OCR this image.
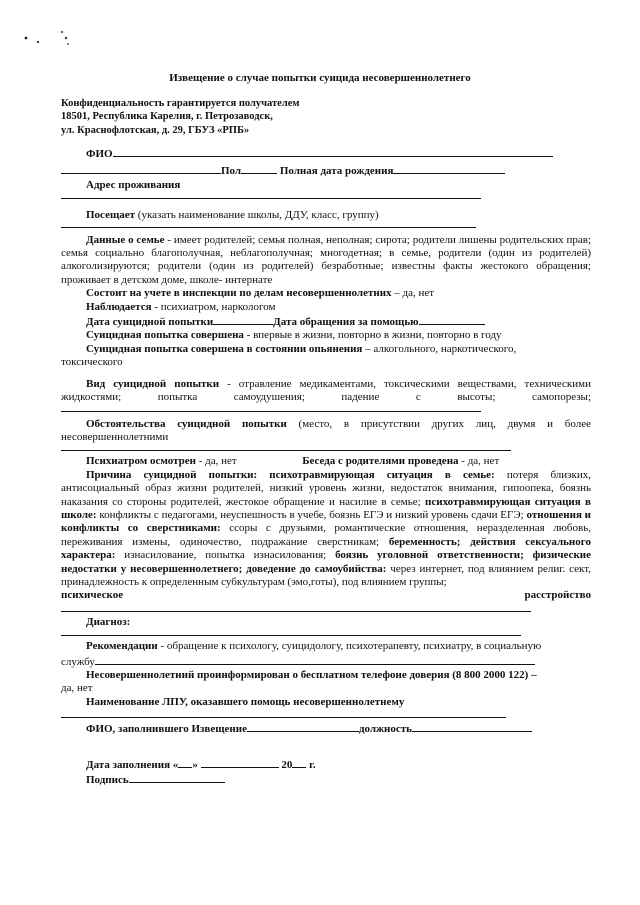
Извещение о случае попытки суицида несовершеннолетнего
Конфиденциальность гарантируется получателем
18501, Республика Карелия, г. Петрозаводск,
ул. Краснофлотская, д. 29, ГБУЗ «РПБ»
ФИО
Пол	Полная дата рождения
Адрес проживания
Посещает (указать наименование школы, ДДУ, класс, группу)
Данные о семье - имеет родителей; семья полная, неполная; сирота; родители лишены родительских прав; семья социально благополучная, неблагополучная; многодетная; в семье, родители (один из родителей) алкоголизируются; родители (один из родителей) безработные; известны факты жестокого обращения; проживает в детском доме, школе- интернате
Состоит на учете в инспекции по делам несовершеннолетних – да, нет
Наблюдается - психиатром, наркологом
Дата суицидной попытки	Дата обращения за помощью
Суицидная попытка совершена - впервые в жизни, повторно в жизни, повторно в году
Суицидная попытка совершена в состоянии опьянения – алкогольного, наркотического,
токсического
Вид суицидной попытки - отравление медикаментами, токсическими веществами, техническими
жидкостями; попытка самоудушения; падение с высоты; самопорезы;
Обстоятельства суицидной попытки (место, в присутствии других лиц, двумя и более несовершеннолетними
Психиатром осмотрен - да, нет	Беседа с родителями проведена - да, нет
Причина суицидной попытки: психотравмирующая ситуация в семье: потеря близких, антисоциальный образ жизни родителей, низкий уровень жизни, недостаток внимания, гипоопека, боязнь наказания со стороны родителей, жестокое обращение и насилие в семье; психотравмирующая ситуация в школе: конфликты с педагогами, неуспешность в учебе, боязнь ЕГЭ и низкий уровень сдачи ЕГЭ; отношения и конфликты со сверстниками: ссоры с друзьями, романтические отношения, неразделенная любовь, переживания измены, одиночество, подражание сверстникам; беременность; действия сексуального характера: изнасилование, попытка изнасилования; боязнь уголовной ответственности; физические недостатки у несовершеннолетнего; доведение до самоубийства: через интернет, под влиянием религ. сект, принадлежность к определенным субкультурам (эмо,готы), под влиянием группы;
психическое	расстройство
Диагноз:
Рекомендации - обращение к психологу, суицидологу, психотерапевту, психиатру, в социальную
службу
Несовершеннолетний проинформирован о бесплатном телефоне доверия (8 800 2000 122) –
да, нет
Наименование ЛПУ, оказавшего помощь несовершеннолетнему
ФИО, заполнившего Извещение	должность
Дата заполнения « »	20 г.
Подпись
